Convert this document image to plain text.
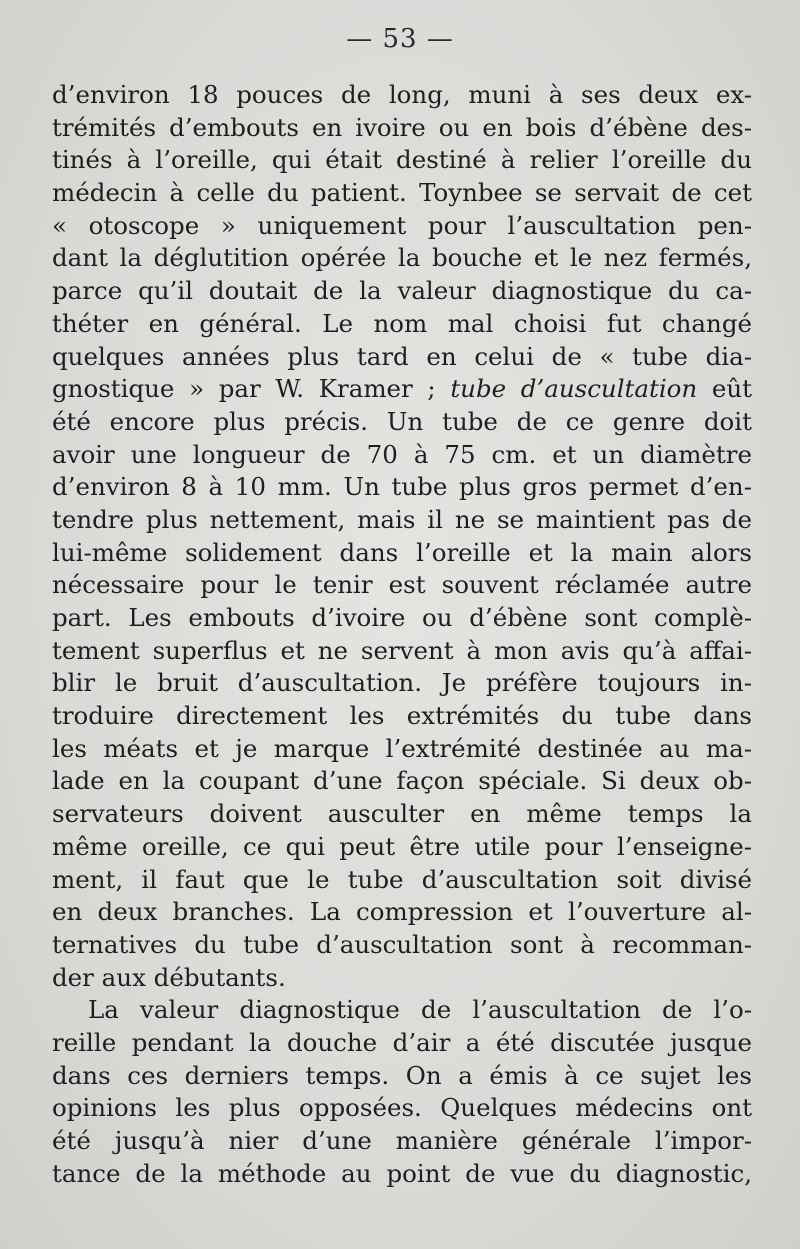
— 53 —
d’environ 18 pouces de long, muni à ses deux ex-
trémités d’embouts en ivoire ou en bois d’ébène des-
tinés à l’oreille, qui était destiné à relier l’oreille du
médecin à celle du patient. Toynbee se servait de cet
« otoscope » uniquement pour l’auscultation pen-
dant la déglutition opérée la bouche et le nez fermés,
parce qu’il doutait de la valeur diagnostique du ca-
théter en général. Le nom mal choisi fut changé
quelques années plus tard en celui de « tube dia-
gnostique » par W. Kramer ; tube d’auscultation eût
été encore plus précis. Un tube de ce genre doit
avoir une longueur de 70 à 75 cm. et un diamètre
d’environ 8 à 10 mm. Un tube plus gros permet d’en-
tendre plus nettement, mais il ne se maintient pas de
lui-même solidement dans l’oreille et la main alors
nécessaire pour le tenir est souvent réclamée autre
part. Les embouts d’ivoire ou d’ébène sont complè-
tement superflus et ne servent à mon avis qu’à affai-
blir le bruit d’auscultation. Je préfère toujours in-
troduire directement les extrémités du tube dans
les méats et je marque l’extrémité destinée au ma-
lade en la coupant d’une façon spéciale. Si deux ob-
servateurs doivent ausculter en même temps la
même oreille, ce qui peut être utile pour l’enseigne-
ment, il faut que le tube d’auscultation soit divisé
en deux branches. La compression et l’ouverture al-
ternatives du tube d’auscultation sont à recomman-
der aux débutants.
La valeur diagnostique de l’auscultation de l’o-
reille pendant la douche d’air a été discutée jusque
dans ces derniers temps. On a émis à ce sujet les
opinions les plus opposées. Quelques médecins ont
été jusqu’à nier d’une manière générale l’impor-
tance de la méthode au point de vue du diagnostic,
